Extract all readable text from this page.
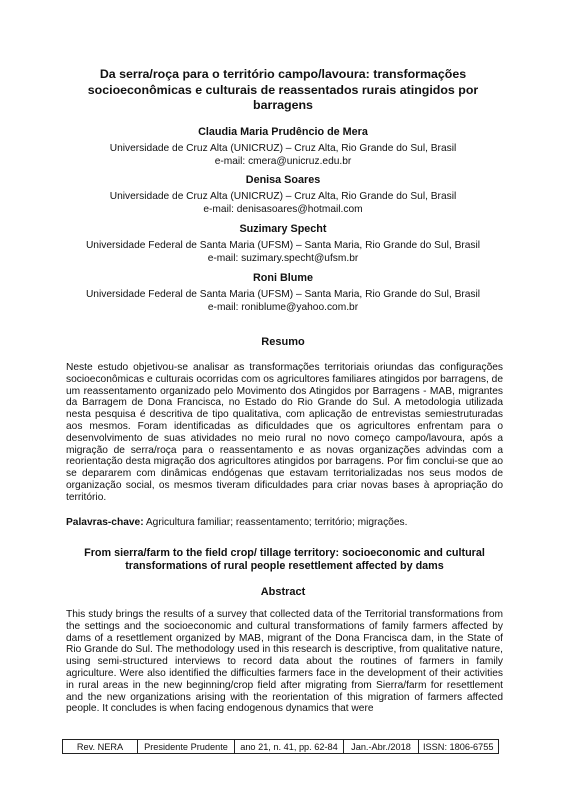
Da serra/roça para o território campo/lavoura: transformações
socioeconômicas e culturais de reassentados rurais atingidos por
barragens
Claudia Maria Prudêncio de Mera
Universidade de Cruz Alta (UNICRUZ) – Cruz Alta, Rio Grande do Sul, Brasil
e-mail: cmera@unicruz.edu.br
Denisa Soares
Universidade de Cruz Alta (UNICRUZ) – Cruz Alta, Rio Grande do Sul, Brasil
e-mail: denisasoares@hotmail.com
Suzimary Specht
Universidade Federal de Santa Maria (UFSM) – Santa Maria, Rio Grande do Sul, Brasil
e-mail: suzimary.specht@ufsm.br
Roni Blume
Universidade Federal de Santa Maria (UFSM) – Santa Maria, Rio Grande do Sul, Brasil
e-mail: roniblume@yahoo.com.br
Resumo
Neste estudo objetivou-se analisar as transformações territoriais oriundas das configurações socioeconômicas e culturais ocorridas com os agricultores familiares atingidos por barragens, de um reassentamento organizado pelo Movimento dos Atingidos por Barragens - MAB, migrantes da Barragem de Dona Francisca, no Estado do Rio Grande do Sul. A metodologia utilizada nesta pesquisa é descritiva de tipo qualitativa, com aplicação de entrevistas semiestruturadas aos mesmos. Foram identificadas as dificuldades que os agricultores enfrentam para o desenvolvimento de suas atividades no meio rural no novo começo campo/lavoura, após a migração de serra/roça para o reassentamento e as novas organizações advindas com a reorientação desta migração dos agricultores atingidos por barragens. Por fim conclui-se que ao se depararem com dinâmicas endógenas que estavam territorializadas nos seus modos de organização social, os mesmos tiveram dificuldades para criar novas bases à apropriação do território.
Palavras-chave: Agricultura familiar; reassentamento; território; migrações.
From sierra/farm to the field crop/ tillage territory: socioeconomic and cultural
transformations of rural people resettlement affected by dams
Abstract
This study brings the results of a survey that collected data of the Territorial transformations from the settings and the socioeconomic and cultural transformations of family farmers affected by dams of a resettlement organized by MAB, migrant of the Dona Francisca dam, in the State of Rio Grande do Sul. The methodology used in this research is descriptive, from qualitative nature, using semi-structured interviews to record data about the routines of farmers in family agriculture. Were also identified the difficulties farmers face in the development of their activities in rural areas in the new beginning/crop field after migrating from Sierra/farm for resettlement and the new organizations arising with the reorientation of this migration of farmers affected people. It concludes is when facing endogenous dynamics that were
Rev. NERA	Presidente Prudente	ano 21, n. 41, pp. 62-84	Jan.-Abr./2018	ISSN: 1806-6755
